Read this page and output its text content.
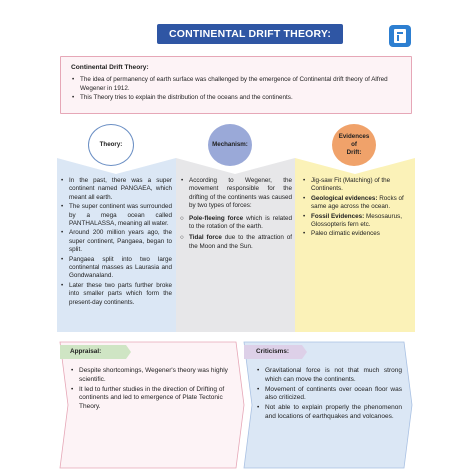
CONTINENTAL DRIFT THEORY:
Continental Drift Theory:
• The idea of permanency of earth surface was challenged by the emergence of Continental drift theory of Alfred Wegener in 1912.
• This Theory tries to explain the distribution of the oceans and the continents.
Theory:	Mechanism:
Evidences
of
Drift:
• In the past, there was a super continent named PANGAEA, which meant all earth.
• The super continent was surrounded by a mega ocean called PANTHALASSA, meaning all water.
• Around 200 million years ago, the super continent, Pangaea, began to split.
• Pangaea split into two large continental masses as Laurasia and Gondwanaland.
• Later these two parts further broke into smaller parts which form the present-day continents.
• According to Wegener, the movement responsible for the drifting of the continents was caused by two types of forces:
○ Pole-fleeing force which is related to the rotation of the earth.
○ Tidal force due to the attraction of the Moon and the Sun.
• Jig-saw Fit (Matching) of the Continents.
• Geological evidences: Rocks of same age across the ocean.
• Fossil Evidences: Mesosaurus, Glossopteris fern etc.
• Paleo climatic evidences
Appraisal:
• Despite shortcomings, Wegener's theory was highly scientific.
• It led to further studies in the direction of Drifting of continents and led to emergence of Plate Tectonic Theory.
Criticisms:
• Gravitational force is not that much strong which can move the continents.
• Movement of continents over ocean floor was also criticized.
• Not able to explain properly the phenomenon and locations of earthquakes and volcanoes.
